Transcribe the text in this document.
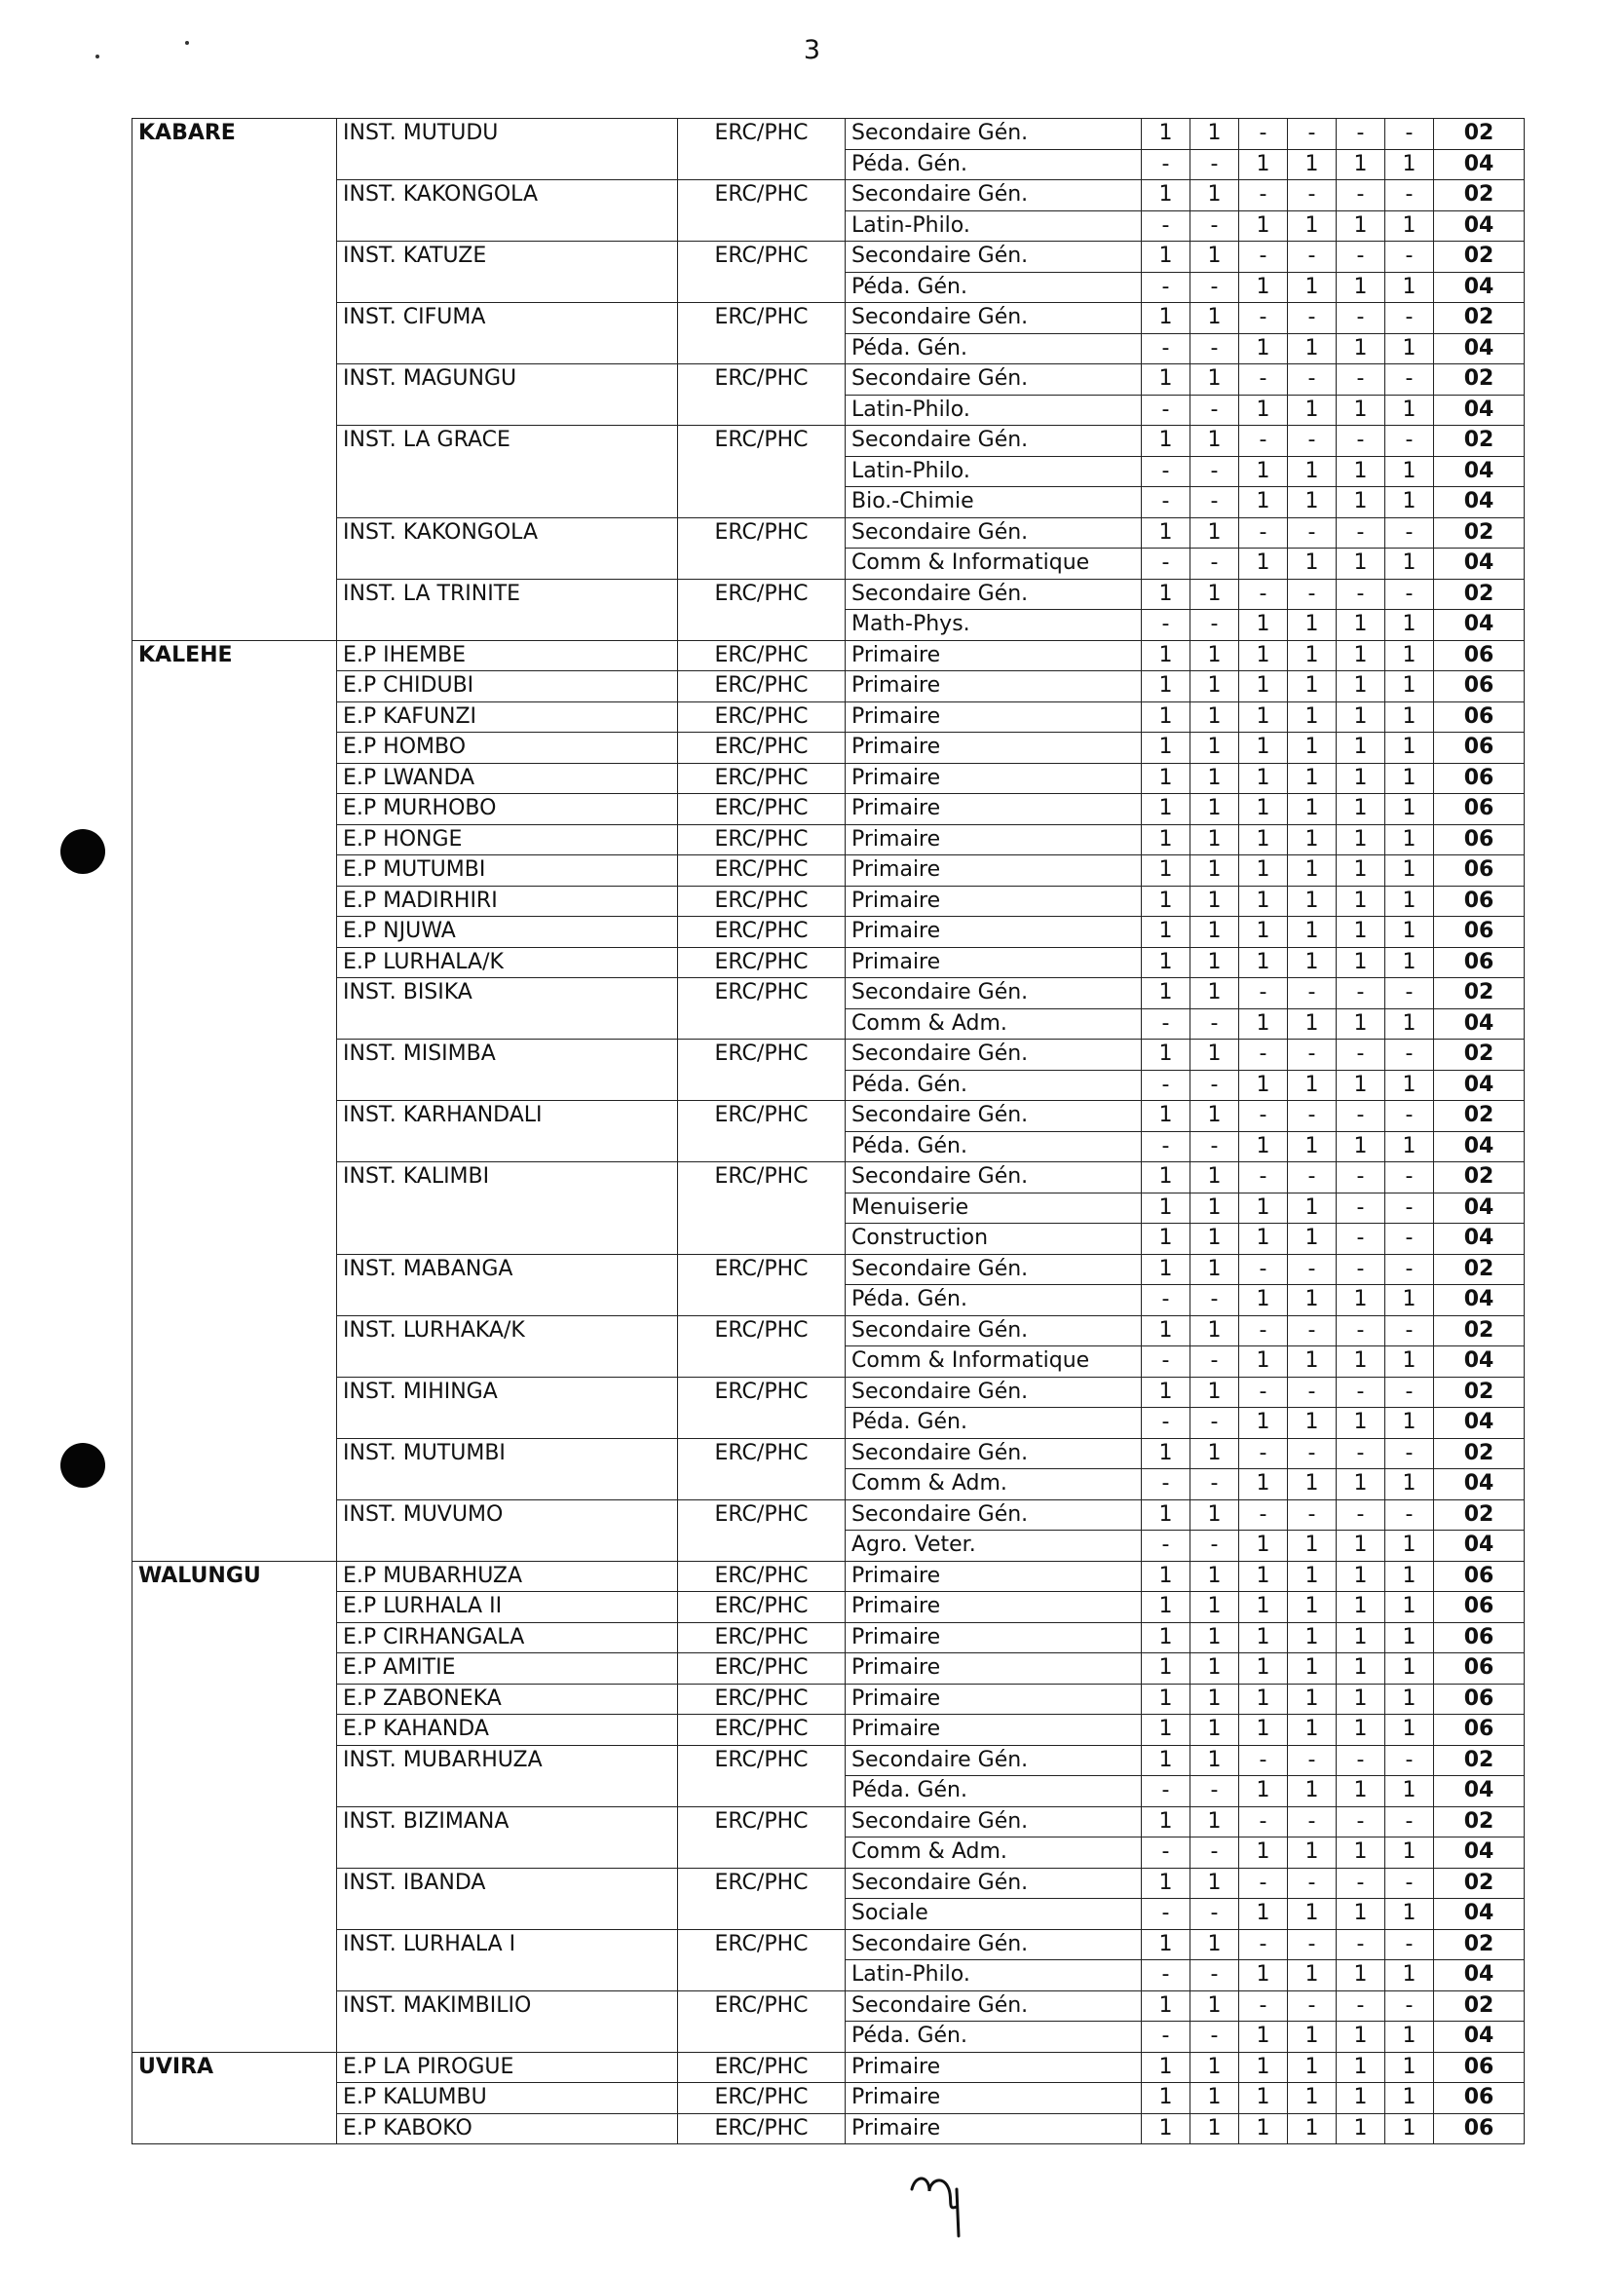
3
KABARE	INST. MUTUDU	ERC/PHC	Secondaire Gén.	1	1	-	-	-	-	02
			Péda. Gén.	-	-	1	1	1	1	04
	INST. KAKONGOLA	ERC/PHC	Secondaire Gén.	1	1	-	-	-	-	02
			Latin-Philo.	-	-	1	1	1	1	04
	INST. KATUZE	ERC/PHC	Secondaire Gén.	1	1	-	-	-	-	02
			Péda. Gén.	-	-	1	1	1	1	04
	INST. CIFUMA	ERC/PHC	Secondaire Gén.	1	1	-	-	-	-	02
			Péda. Gén.	-	-	1	1	1	1	04
	INST. MAGUNGU	ERC/PHC	Secondaire Gén.	1	1	-	-	-	-	02
			Latin-Philo.	-	-	1	1	1	1	04
	INST. LA GRACE	ERC/PHC	Secondaire Gén.	1	1	-	-	-	-	02
			Latin-Philo.	-	-	1	1	1	1	04
			Bio.-Chimie	-	-	1	1	1	1	04
	INST. KAKONGOLA	ERC/PHC	Secondaire Gén.	1	1	-	-	-	-	02
			Comm & Informatique	-	-	1	1	1	1	04
	INST. LA TRINITE	ERC/PHC	Secondaire Gén.	1	1	-	-	-	-	02
			Math-Phys.	-	-	1	1	1	1	04
KALEHE	E.P IHEMBE	ERC/PHC	Primaire	1	1	1	1	1	1	06
	E.P CHIDUBI	ERC/PHC	Primaire	1	1	1	1	1	1	06
	E.P KAFUNZI	ERC/PHC	Primaire	1	1	1	1	1	1	06
	E.P HOMBO	ERC/PHC	Primaire	1	1	1	1	1	1	06
	E.P LWANDA	ERC/PHC	Primaire	1	1	1	1	1	1	06
	E.P MURHOBO	ERC/PHC	Primaire	1	1	1	1	1	1	06
	E.P HONGE	ERC/PHC	Primaire	1	1	1	1	1	1	06
	E.P MUTUMBI	ERC/PHC	Primaire	1	1	1	1	1	1	06
	E.P MADIRHIRI	ERC/PHC	Primaire	1	1	1	1	1	1	06
	E.P NJUWA	ERC/PHC	Primaire	1	1	1	1	1	1	06
	E.P LURHALA/K	ERC/PHC	Primaire	1	1	1	1	1	1	06
	INST. BISIKA	ERC/PHC	Secondaire Gén.	1	1	-	-	-	-	02
			Comm & Adm.	-	-	1	1	1	1	04
	INST. MISIMBA	ERC/PHC	Secondaire Gén.	1	1	-	-	-	-	02
			Péda. Gén.	-	-	1	1	1	1	04
	INST. KARHANDALI	ERC/PHC	Secondaire Gén.	1	1	-	-	-	-	02
			Péda. Gén.	-	-	1	1	1	1	04
	INST. KALIMBI	ERC/PHC	Secondaire Gén.	1	1	-	-	-	-	02
			Menuiserie	1	1	1	1	-	-	04
			Construction	1	1	1	1	-	-	04
	INST. MABANGA	ERC/PHC	Secondaire Gén.	1	1	-	-	-	-	02
			Péda. Gén.	-	-	1	1	1	1	04
	INST. LURHAKA/K	ERC/PHC	Secondaire Gén.	1	1	-	-	-	-	02
			Comm & Informatique	-	-	1	1	1	1	04
	INST. MIHINGA	ERC/PHC	Secondaire Gén.	1	1	-	-	-	-	02
			Péda. Gén.	-	-	1	1	1	1	04
	INST. MUTUMBI	ERC/PHC	Secondaire Gén.	1	1	-	-	-	-	02
			Comm & Adm.	-	-	1	1	1	1	04
	INST. MUVUMO	ERC/PHC	Secondaire Gén.	1	1	-	-	-	-	02
			Agro. Veter.	-	-	1	1	1	1	04
WALUNGU	E.P MUBARHUZA	ERC/PHC	Primaire	1	1	1	1	1	1	06
	E.P LURHALA II	ERC/PHC	Primaire	1	1	1	1	1	1	06
	E.P CIRHANGALA	ERC/PHC	Primaire	1	1	1	1	1	1	06
	E.P AMITIE	ERC/PHC	Primaire	1	1	1	1	1	1	06
	E.P ZABONEKA	ERC/PHC	Primaire	1	1	1	1	1	1	06
	E.P KAHANDA	ERC/PHC	Primaire	1	1	1	1	1	1	06
	INST. MUBARHUZA	ERC/PHC	Secondaire Gén.	1	1	-	-	-	-	02
			Péda. Gén.	-	-	1	1	1	1	04
	INST. BIZIMANA	ERC/PHC	Secondaire Gén.	1	1	-	-	-	-	02
			Comm & Adm.	-	-	1	1	1	1	04
	INST. IBANDA	ERC/PHC	Secondaire Gén.	1	1	-	-	-	-	02
			Sociale	-	-	1	1	1	1	04
	INST. LURHALA I	ERC/PHC	Secondaire Gén.	1	1	-	-	-	-	02
			Latin-Philo.	-	-	1	1	1	1	04
	INST. MAKIMBILIO	ERC/PHC	Secondaire Gén.	1	1	-	-	-	-	02
			Péda. Gén.	-	-	1	1	1	1	04
UVIRA	E.P LA PIROGUE	ERC/PHC	Primaire	1	1	1	1	1	1	06
	E.P KALUMBU	ERC/PHC	Primaire	1	1	1	1	1	1	06
	E.P KABOKO	ERC/PHC	Primaire	1	1	1	1	1	1	06
